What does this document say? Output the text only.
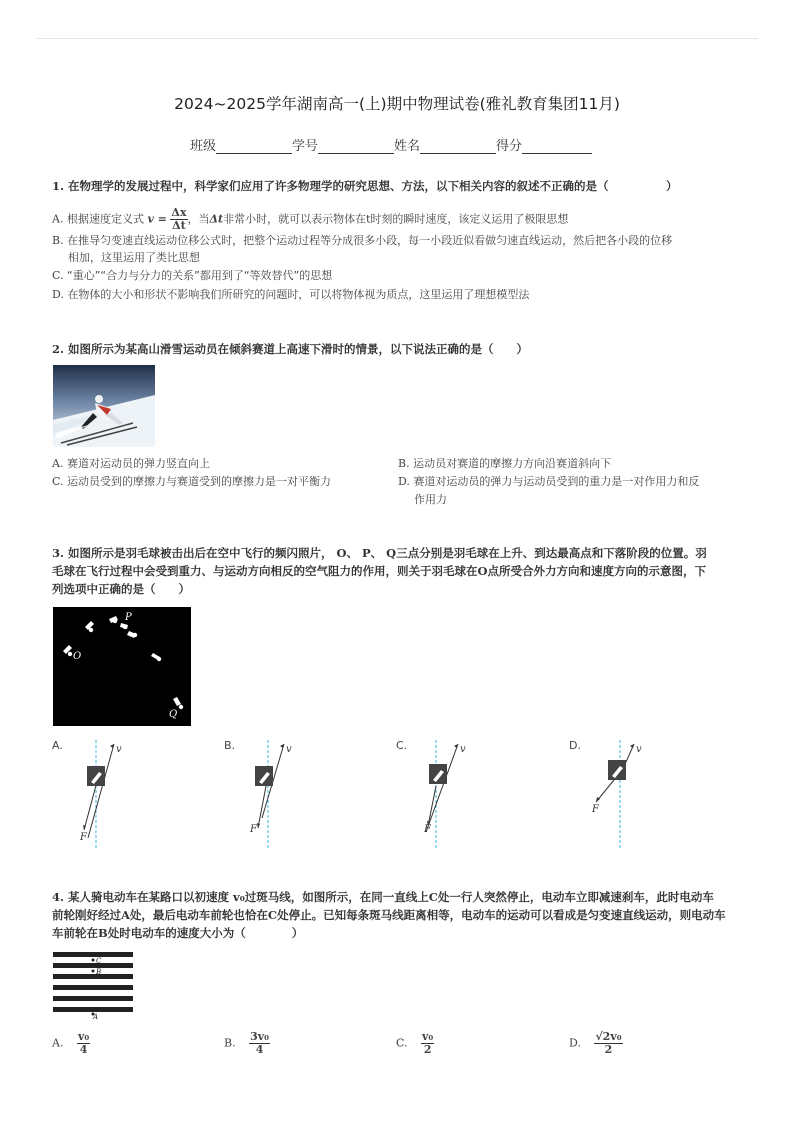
2024~2025学年湖南高一(上)期中物理试卷(雅礼教育集团11月)
班级	学号	姓名	得分
1. 在物理学的发展过程中，科学家们应用了许多物理学的研究思想、方法，以下相关内容的叙述不正确的是（　　　　　）
A. 根据速度定义式 $v = \frac{\Delta x}{\Delta t}$ ，当Δt非常小时，就可以表示物体在t时刻的瞬时速度，该定义运用了极限思想
B. 在推导匀变速直线运动位移公式时，把整个运动过程等分成很多小段，每一小段近似看做匀速直线运动，然后把各小段的位移
相加，这里运用了类比思想
C. “重心”“合力与分力的关系”都用到了“等效替代”的思想
D. 在物体的大小和形状不影响我们所研究的问题时，可以将物体视为质点，这里运用了理想模型法
2. 如图所示为某高山滑雪运动员在倾斜赛道上高速下滑时的情景，以下说法正确的是（　　）
A. 赛道对运动员的弹力竖直向上	B. 运动员对赛道的摩擦力方向沿赛道斜向下
C. 运动员受到的摩擦力与赛道受到的摩擦力是一对平衡力	D. 赛道对运动员的弹力与运动员受到的重力是一对作用力和反
作用力
3. 如图所示是羽毛球被击出后在空中飞行的频闪照片， O、 P、 Q三点分别是羽毛球在上升、到达最高点和下落阶段的位置。羽
毛球在飞行过程中会受到重力、与运动方向相反的空气阻力的作用，则关于羽毛球在O点所受合外力方向和速度方向的示意图，下
列选项中正确的是（　　）
O
P
Q
A.	v
F
B.	v
F
C.	v
F
D.	v
F
4. 某人骑电动车在某路口以初速度 v₀过斑马线，如图所示，在同一直线上C处一行人突然停止，电动车立即减速刹车，此时电动车
前轮刚好经过A处，最后电动车前轮也恰在C处停止。已知每条斑马线距离相等，电动车的运动可以看成是匀变速直线运动，则电动车
车前轮在B处时电动车的速度大小为（　　　　）
C
B
A
A. $\frac{\text{v₀}}{4}$	B. $\frac{\text{3v₀}}{4}$	C. $\frac{\text{v₀}}{2}$	D. $\frac{\text{√2v₀}}{2}$
